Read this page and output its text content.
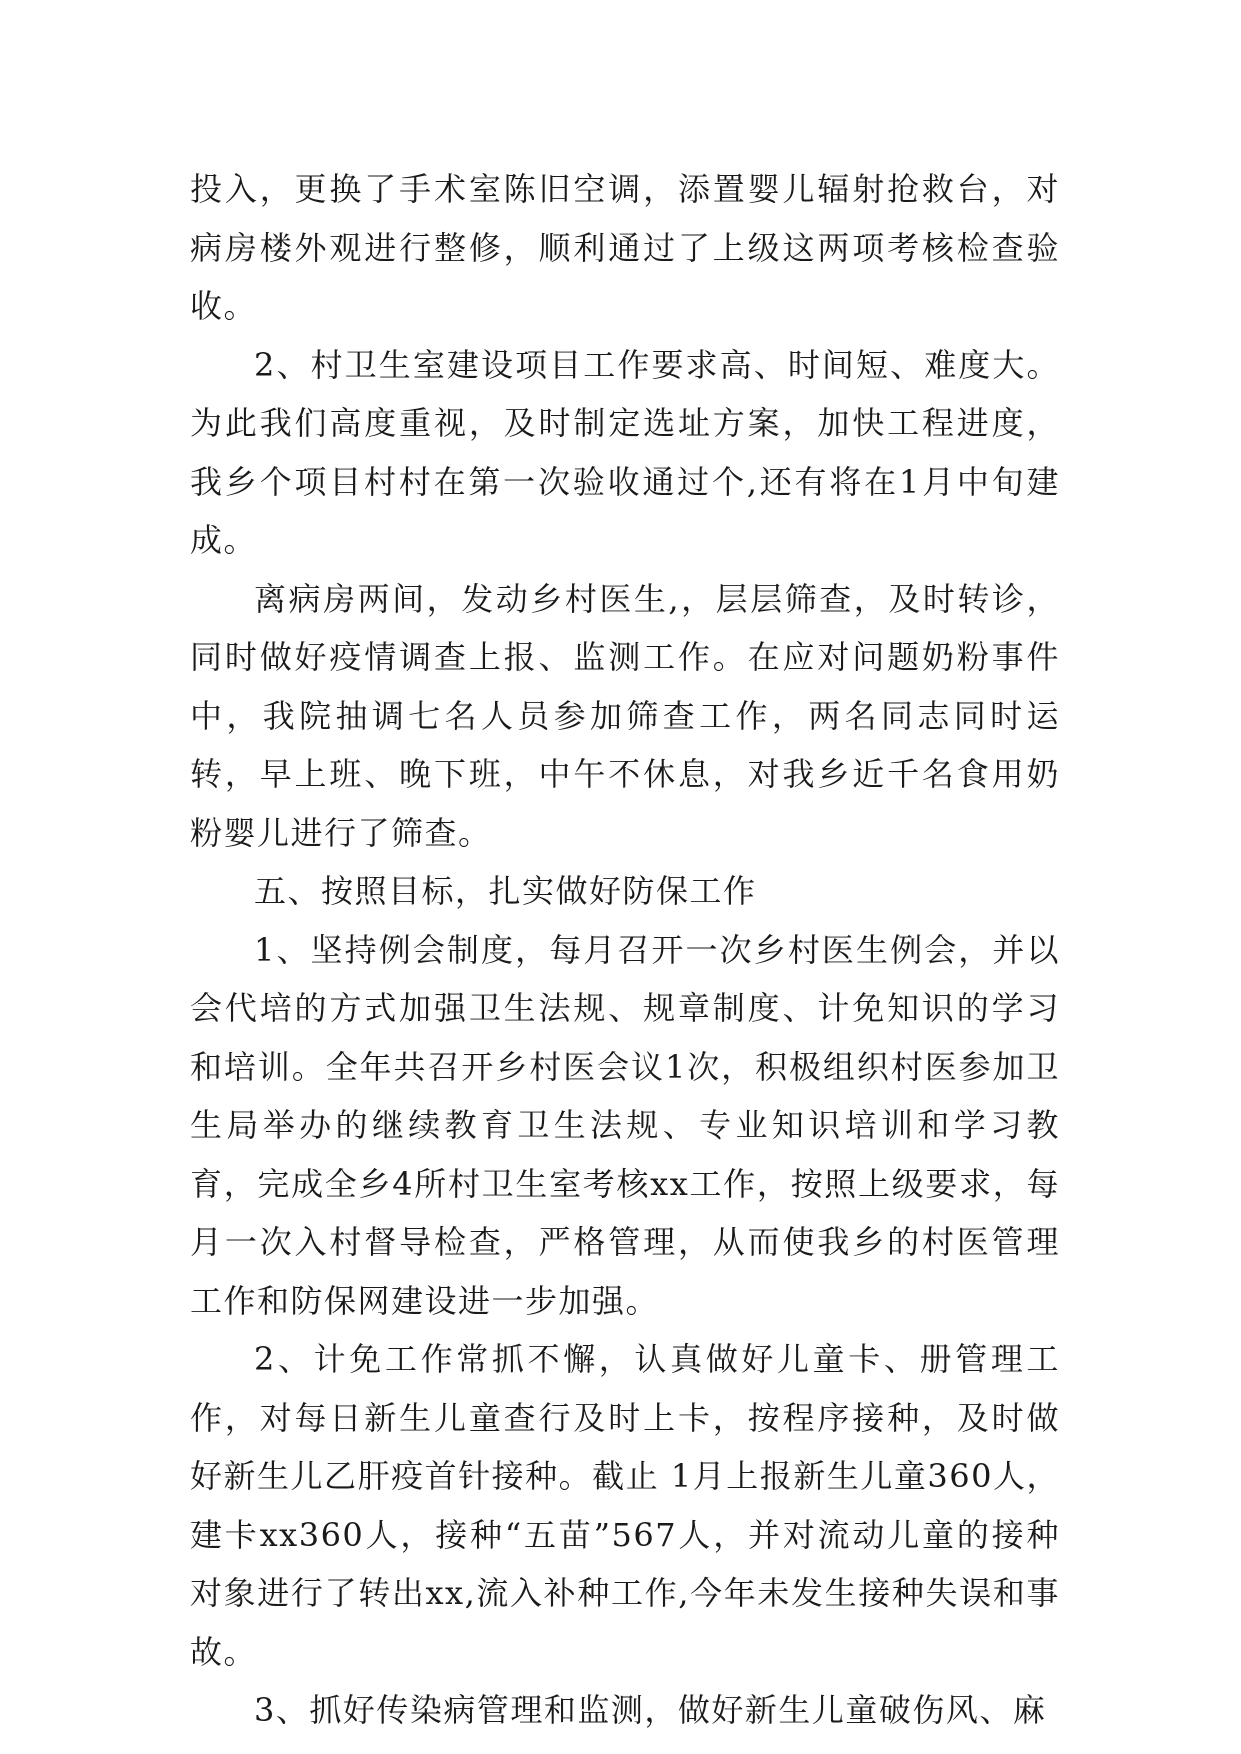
投入，更换了手术室陈旧空调，添置婴儿辐射抢救台，对病房楼外观进行整修，顺利通过了上级这两项考核检查验收。

2、村卫生室建设项目工作要求高、时间短、难度大。为此我们高度重视，及时制定选址方案，加快工程进度，我乡个项目村村在第一次验收通过个,还有将在1月中旬建成。

离病房两间，发动乡村医生,，层层筛查，及时转诊，同时做好疫情调查上报、监测工作。在应对问题奶粉事件中，我院抽调七名人员参加筛查工作，两名同志同时运转，早上班、晚下班，中午不休息，对我乡近千名食用奶粉婴儿进行了筛查。

五、按照目标，扎实做好防保工作

1、坚持例会制度，每月召开一次乡村医生例会，并以会代培的方式加强卫生法规、规章制度、计免知识的学习和培训。全年共召开乡村医会议1次，积极组织村医参加卫生局举办的继续教育卫生法规、专业知识培训和学习教育，完成全乡4所村卫生室考核xx工作，按照上级要求，每月一次入村督导检查，严格管理，从而使我乡的村医管理工作和防保网建设进一步加强。

2、计免工作常抓不懈，认真做好儿童卡、册管理工作，对每日新生儿童查行及时上卡，按程序接种，及时做好新生儿乙肝疫首针接种。截止 1月上报新生儿童360人，建卡xx360人，接种“五苗”567人，并对流动儿童的接种对象进行了转出xx,流入补种工作,今年未发生接种失误和事故。

3、抓好传染病管理和监测，做好新生儿童破伤风、麻
